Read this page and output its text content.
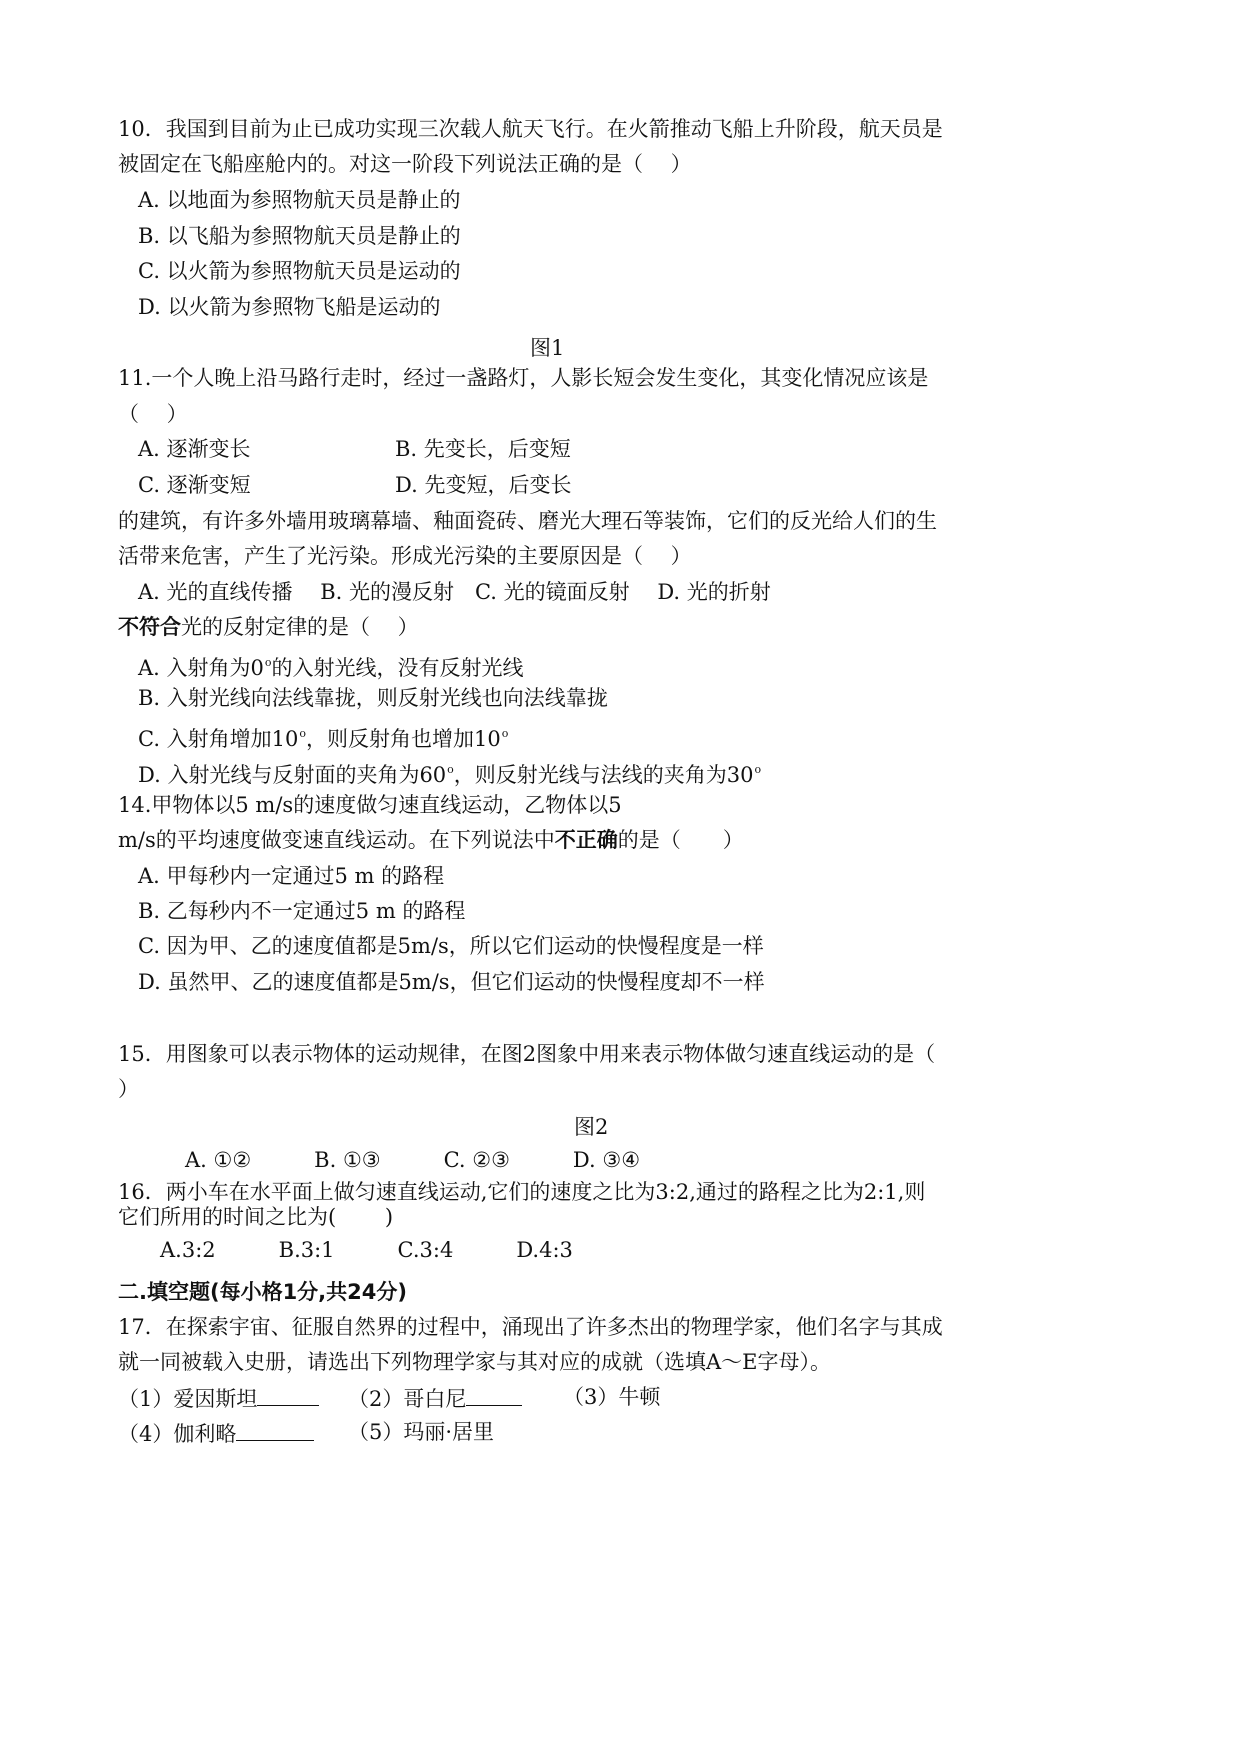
10．我国到目前为止已成功实现三次载人航天飞行。在火箭推动飞船上升阶段，航天员是
被固定在飞船座舱内的。对这一阶段下列说法正确的是（　 ）
A. 以地面为参照物航天员是静止的
B. 以飞船为参照物航天员是静止的
C. 以火箭为参照物航天员是运动的
D. 以火箭为参照物飞船是运动的
图1
11.一个人晚上沿马路行走时，经过一盏路灯，人影长短会发生变化，其变化情况应该是
（　 ）
A. 逐渐变长	B. 先变长，后变短
C. 逐渐变短	D. 先变短，后变长
的建筑，有许多外墙用玻璃幕墙、釉面瓷砖、磨光大理石等装饰，它们的反光给人们的生
活带来危害，产生了光污染。形成光污染的主要原因是（　 ）
A. 光的直线传播　 B. 光的漫反射　C. 光的镜面反射　 D. 光的折射
不符合光的反射定律的是（　 ）
A. 入射角为0$^o$的入射光线，没有反射光线
B. 入射光线向法线靠拢，则反射光线也向法线靠拢
C. 入射角增加10$^o$，则反射角也增加10$^o$
D. 入射光线与反射面的夹角为60$^o$，则反射光线与法线的夹角为30$^o$
14.甲物体以5 m/s的速度做匀速直线运动，乙物体以5
m/s的平均速度做变速直线运动。在下列说法中不正确的是（　　）
A. 甲每秒内一定通过5 m 的路程
B. 乙每秒内不一定通过5 m 的路程
C. 因为甲、乙的速度值都是5m/s，所以它们运动的快慢程度是一样
D. 虽然甲、乙的速度值都是5m/s，但它们运动的快慢程度却不一样
15．用图象可以表示物体的运动规律，在图2图象中用来表示物体做匀速直线运动的是（
）
图2
A. ①②　　　B. ①③　　　C. ②③　　　D. ③④
16．两小车在水平面上做匀速直线运动,它们的速度之比为3:2,通过的路程之比为2:1,则
它们所用的时间之比为(　　 )
A.3:2　　　B.3:1　　　C.3:4　　　D.4:3
二.填空题(每小格1分,共24分)
17．在探索宇宙、征服自然界的过程中，涌现出了许多杰出的物理学家，他们名字与其成
就一同被载入史册，请选出下列物理学家与其对应的成就（选填A～E字母）。
（1）爱因斯坦	（2）哥白尼	（3）牛顿
（4）伽利略	（5）玛丽·居里
